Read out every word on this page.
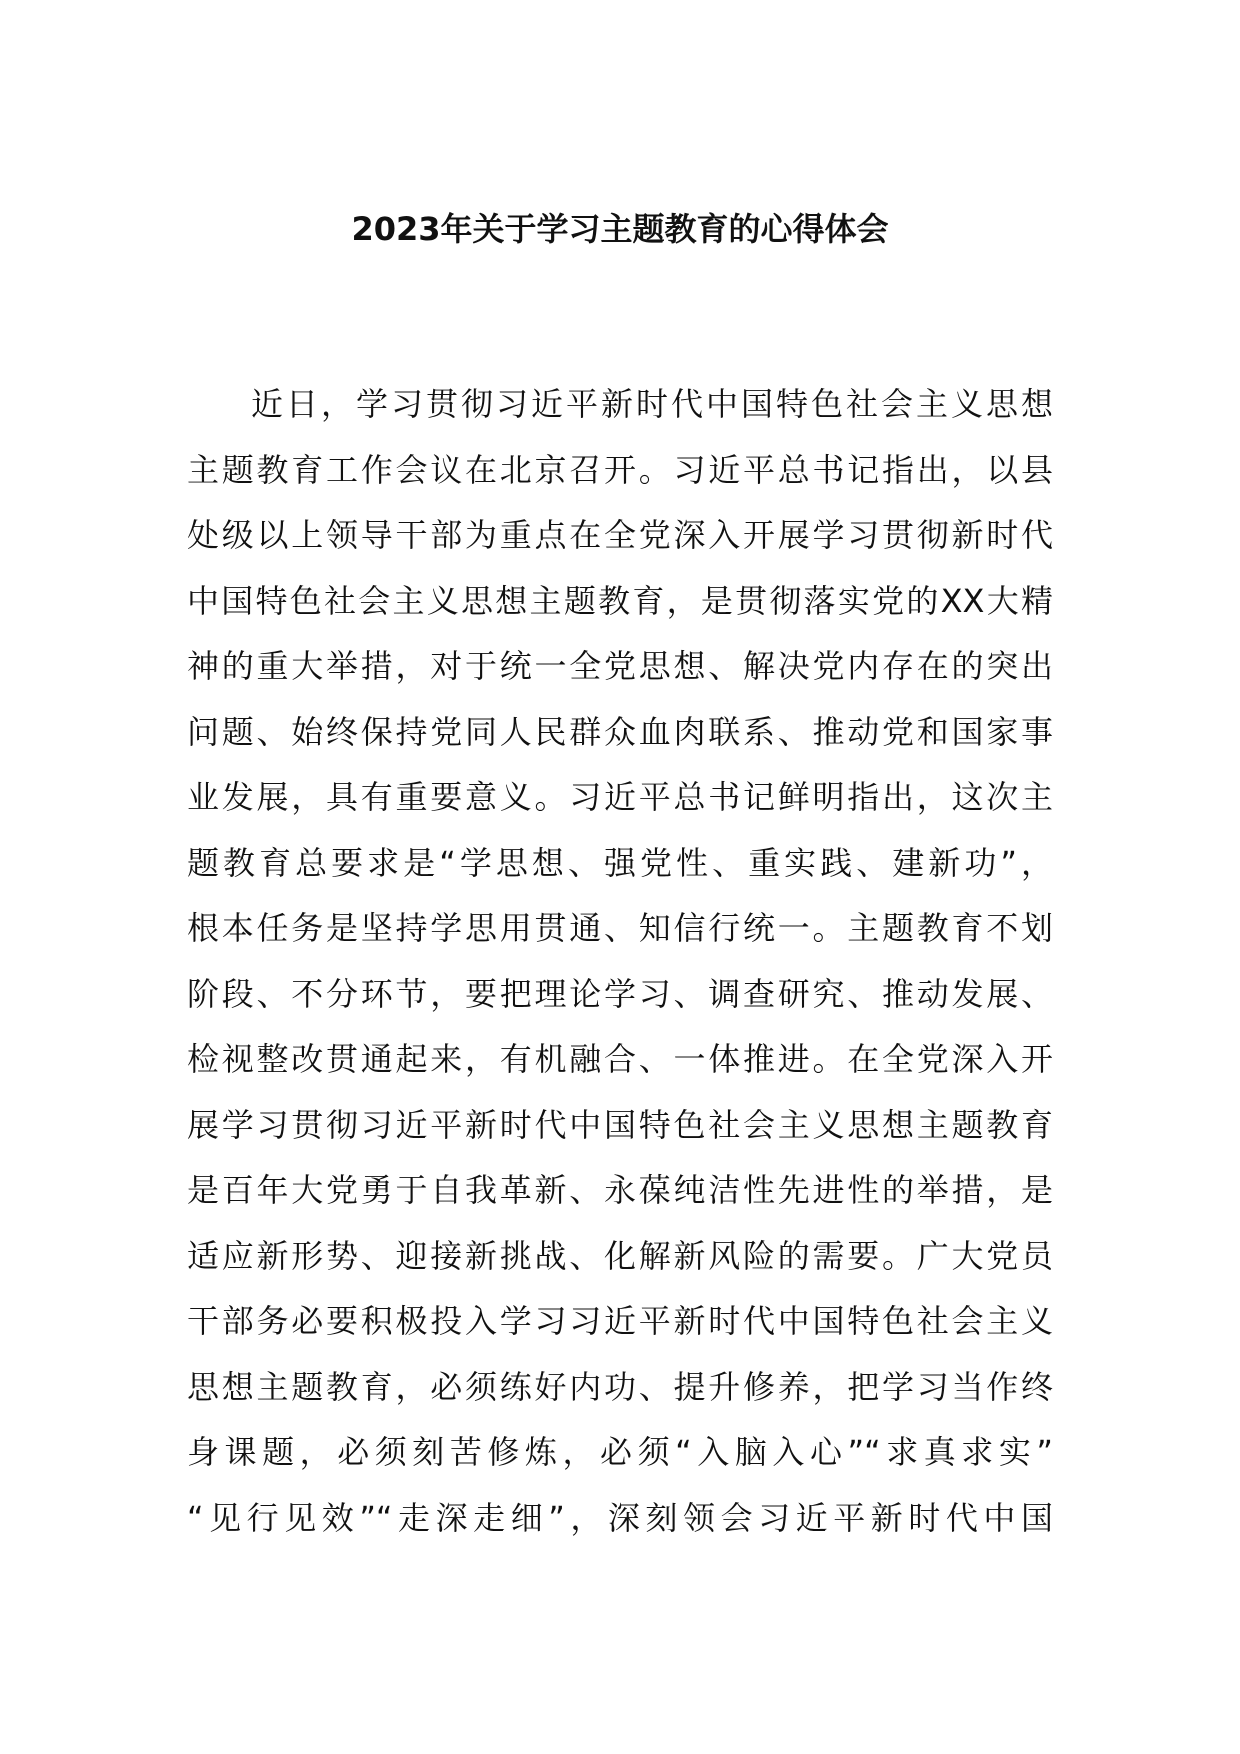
2023年关于学习主题教育的心得体会
近日，学习贯彻习近平新时代中国特色社会主义思想
主题教育工作会议在北京召开。习近平总书记指出，以县
处级以上领导干部为重点在全党深入开展学习贯彻新时代
中国特色社会主义思想主题教育，是贯彻落实党的XX大精
神的重大举措，对于统一全党思想、解决党内存在的突出
问题、始终保持党同人民群众血肉联系、推动党和国家事
业发展，具有重要意义。习近平总书记鲜明指出，这次主
题教育总要求是“学思想、强党性、重实践、建新功”，
根本任务是坚持学思用贯通、知信行统一。主题教育不划
阶段、不分环节，要把理论学习、调查研究、推动发展、
检视整改贯通起来，有机融合、一体推进。在全党深入开
展学习贯彻习近平新时代中国特色社会主义思想主题教育
是百年大党勇于自我革新、永葆纯洁性先进性的举措，是
适应新形势、迎接新挑战、化解新风险的需要。广大党员
干部务必要积极投入学习习近平新时代中国特色社会主义
思想主题教育，必须练好内功、提升修养，把学习当作终
身课题，必须刻苦修炼，必须“入脑入心”“求真求实”
“见行见效”“走深走细”，深刻领会习近平新时代中国
